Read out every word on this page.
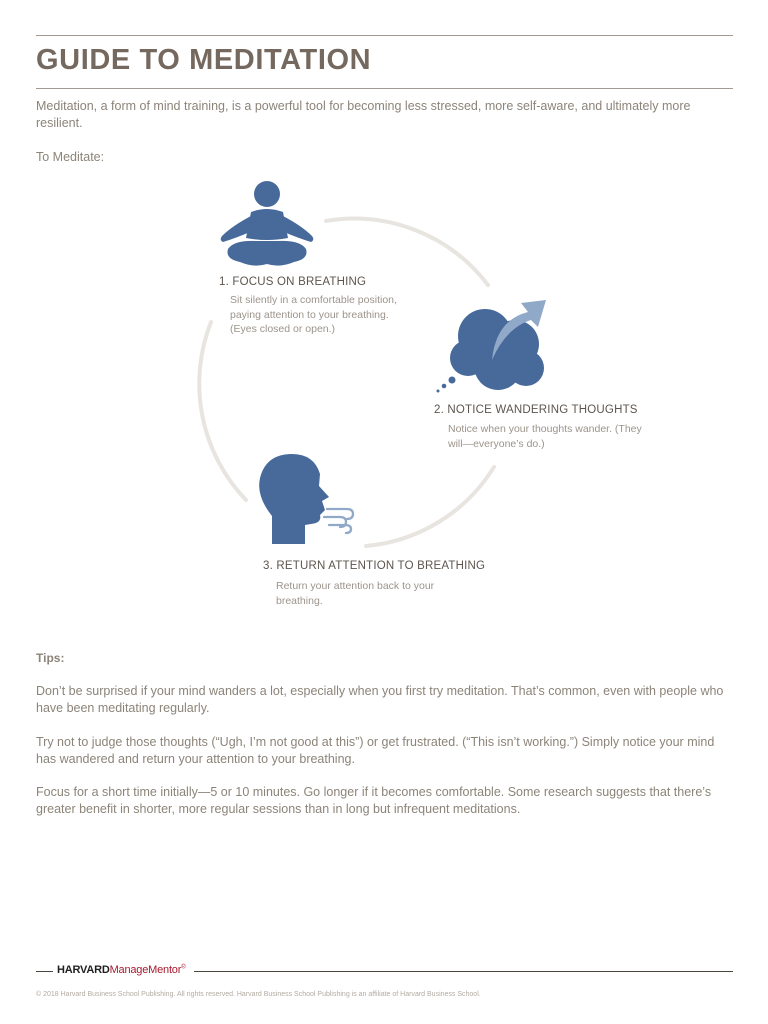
GUIDE TO MEDITATION
Meditation, a form of mind training, is a powerful tool for becoming less stressed, more self-aware, and ultimately more resilient.
To Meditate:
1. FOCUS ON BREATHING
Sit silently in a comfortable position, paying attention to your breathing. (Eyes closed or open.)
2. NOTICE WANDERING THOUGHTS
Notice when your thoughts wander. (They will—everyone’s do.)
3. RETURN ATTENTION TO BREATHING
Return your attention back to your breathing.
Tips:
Don’t be surprised if your mind wanders a lot, especially when you first try meditation. That’s common, even with people who have been meditating regularly.
Try not to judge those thoughts (“Ugh, I’m not good at this”) or get frustrated. (“This isn’t working.”) Simply notice your mind has wandered and return your attention to your breathing.
Focus for a short time initially—5 or 10 minutes. Go longer if it becomes comfortable. Some research suggests that there’s greater benefit in shorter, more regular sessions than in long but infrequent meditations.
HARVARDManageMentor®
© 2018 Harvard Business School Publishing. All rights reserved. Harvard Business School Publishing is an affiliate of Harvard Business School.
